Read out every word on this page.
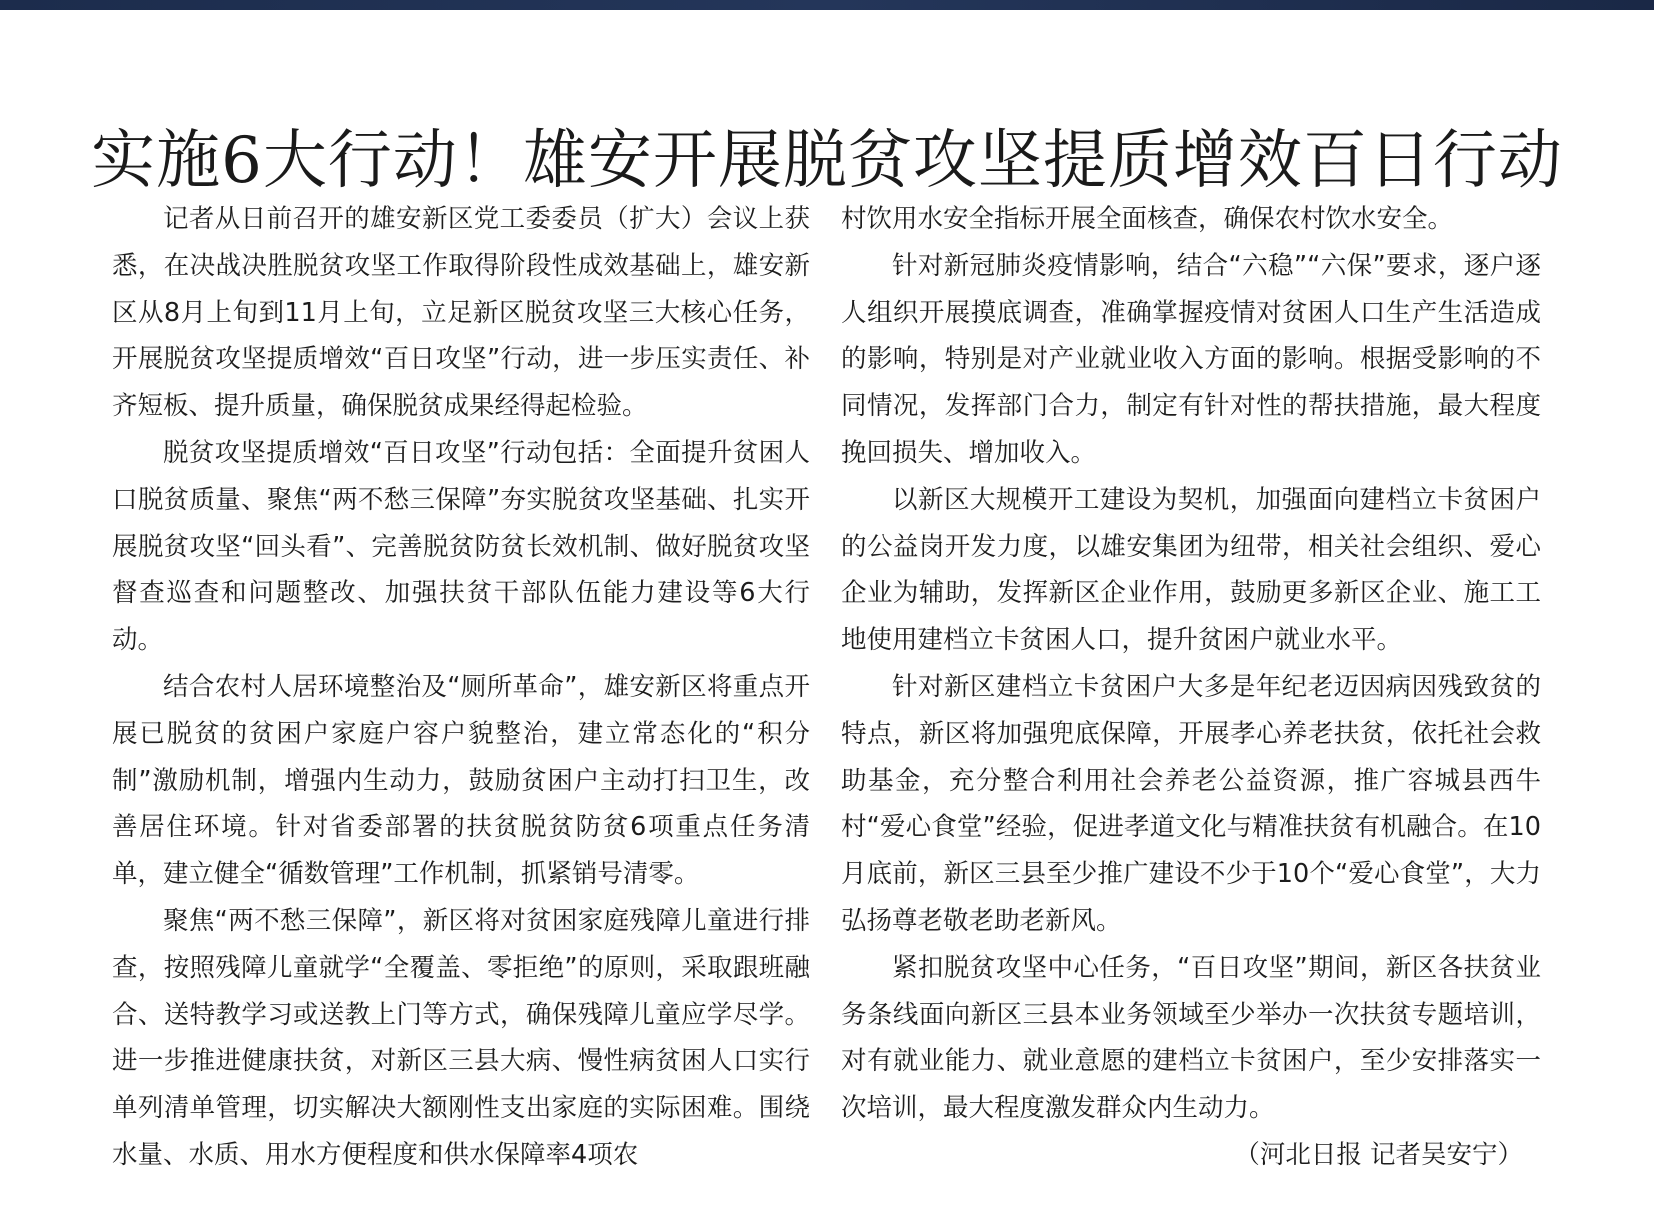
实施6大行动！雄安开展脱贫攻坚提质增效百日行动

记者从日前召开的雄安新区党工委委员（扩大）会议上获悉，在决战决胜脱贫攻坚工作取得阶段性成效基础上，雄安新区从8月上旬到11月上旬，立足新区脱贫攻坚三大核心任务，开展脱贫攻坚提质增效“百日攻坚”行动，进一步压实责任、补齐短板、提升质量，确保脱贫成果经得起检验。

脱贫攻坚提质增效“百日攻坚”行动包括：全面提升贫困人口脱贫质量、聚焦“两不愁三保障”夯实脱贫攻坚基础、扎实开展脱贫攻坚“回头看”、完善脱贫防贫长效机制、做好脱贫攻坚督查巡查和问题整改、加强扶贫干部队伍能力建设等6大行动。

结合农村人居环境整治及“厕所革命”，雄安新区将重点开展已脱贫的贫困户家庭户容户貌整治，建立常态化的“积分制”激励机制，增强内生动力，鼓励贫困户主动打扫卫生，改善居住环境。针对省委部署的扶贫脱贫防贫6项重点任务清单，建立健全“循数管理”工作机制，抓紧销号清零。

聚焦“两不愁三保障”，新区将对贫困家庭残障儿童进行排查，按照残障儿童就学“全覆盖、零拒绝”的原则，采取跟班融合、送特教学习或送教上门等方式，确保残障儿童应学尽学。进一步推进健康扶贫，对新区三县大病、慢性病贫困人口实行单列清单管理，切实解决大额刚性支出家庭的实际困难。围绕水量、水质、用水方便程度和供水保障率4项农

村饮用水安全指标开展全面核查，确保农村饮水安全。

针对新冠肺炎疫情影响，结合“六稳”“六保”要求，逐户逐人组织开展摸底调查，准确掌握疫情对贫困人口生产生活造成的影响，特别是对产业就业收入方面的影响。根据受影响的不同情况，发挥部门合力，制定有针对性的帮扶措施，最大程度挽回损失、增加收入。

以新区大规模开工建设为契机，加强面向建档立卡贫困户的公益岗开发力度，以雄安集团为纽带，相关社会组织、爱心企业为辅助，发挥新区企业作用，鼓励更多新区企业、施工工地使用建档立卡贫困人口，提升贫困户就业水平。

针对新区建档立卡贫困户大多是年纪老迈因病因残致贫的特点，新区将加强兜底保障，开展孝心养老扶贫，依托社会救助基金，充分整合利用社会养老公益资源，推广容城县西牛村“爱心食堂”经验，促进孝道文化与精准扶贫有机融合。在10月底前，新区三县至少推广建设不少于10个“爱心食堂”，大力弘扬尊老敬老助老新风。

紧扣脱贫攻坚中心任务，“百日攻坚”期间，新区各扶贫业务条线面向新区三县本业务领域至少举办一次扶贫专题培训，对有就业能力、就业意愿的建档立卡贫困户，至少安排落实一次培训，最大程度激发群众内生动力。

（河北日报 记者吴安宁）
